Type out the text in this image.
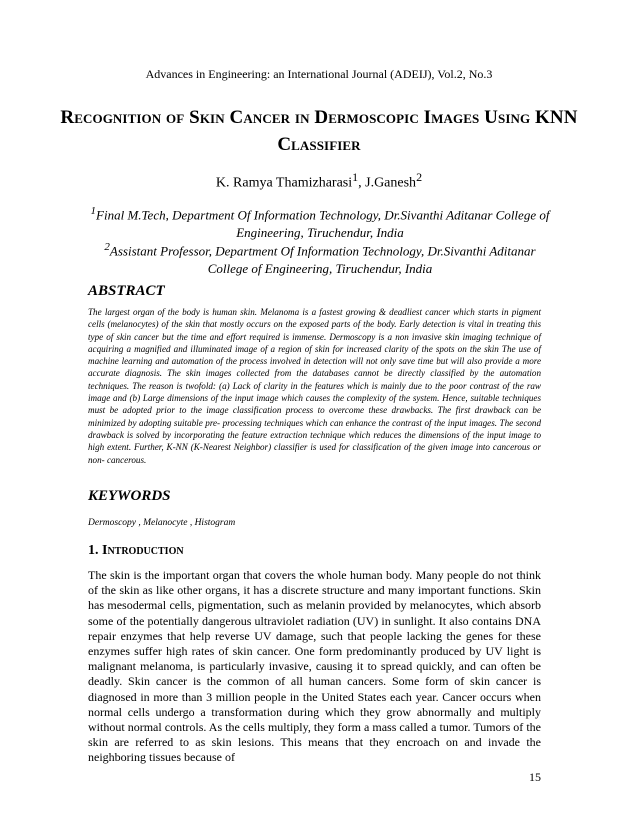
Advances in Engineering: an International Journal (ADEIJ), Vol.2, No.3
Recognition of Skin Cancer in Dermoscopic Images Using KNN Classifier
K. Ramya Thamizharasi$^1$, J.Ganesh$^2$
$^1$Final M.Tech, Department Of Information Technology, Dr.Sivanthi Aditanar College of Engineering, Tiruchendur, India
$^2$Assistant Professor, Department Of Information Technology, Dr.Sivanthi Aditanar College of Engineering, Tiruchendur, India
ABSTRACT
The largest organ of the body is human skin. Melanoma is a fastest growing & deadliest cancer which starts in pigment cells (melanocytes) of the skin that mostly occurs on the exposed parts of the body. Early detection is vital in treating this type of skin cancer but the time and effort required is immense. Dermoscopy is a non invasive skin imaging technique of acquiring a magnified and illuminated image of a region of skin for increased clarity of the spots on the skin The use of machine learning and automation of the process involved in detection will not only save time but will also provide a more accurate diagnosis. The skin images collected from the databases cannot be directly classified by the automation techniques. The reason is twofold: (a) Lack of clarity in the features which is mainly due to the poor contrast of the raw image and (b) Large dimensions of the input image which causes the complexity of the system. Hence, suitable techniques must be adopted prior to the image classification process to overcome these drawbacks. The first drawback can be minimized by adopting suitable pre- processing techniques which can enhance the contrast of the input images. The second drawback is solved by incorporating the feature extraction technique which reduces the dimensions of the input image to high extent. Further, K-NN (K-Nearest Neighbor) classifier is used for classification of the given image into cancerous or non- cancerous.
KEYWORDS
Dermoscopy , Melanocyte , Histogram
1. Introduction
The skin is the important organ that covers the whole human body. Many people do not think of the skin as like other organs, it has a discrete structure and many important functions. Skin has mesodermal cells, pigmentation, such as melanin provided by melanocytes, which absorb some of the potentially dangerous ultraviolet radiation (UV) in sunlight. It also contains DNA repair enzymes that help reverse UV damage, such that people lacking the genes for these enzymes suffer high rates of skin cancer. One form predominantly produced by UV light is malignant melanoma, is particularly invasive, causing it to spread quickly, and can often be deadly. Skin cancer is the common of all human cancers. Some form of skin cancer is diagnosed in more than 3 million people in the United States each year. Cancer occurs when normal cells undergo a transformation during which they grow abnormally and multiply without normal controls. As the cells multiply, they form a mass called a tumor. Tumors of the skin are referred to as skin lesions. This means that they encroach on and invade the neighboring tissues because of
15
